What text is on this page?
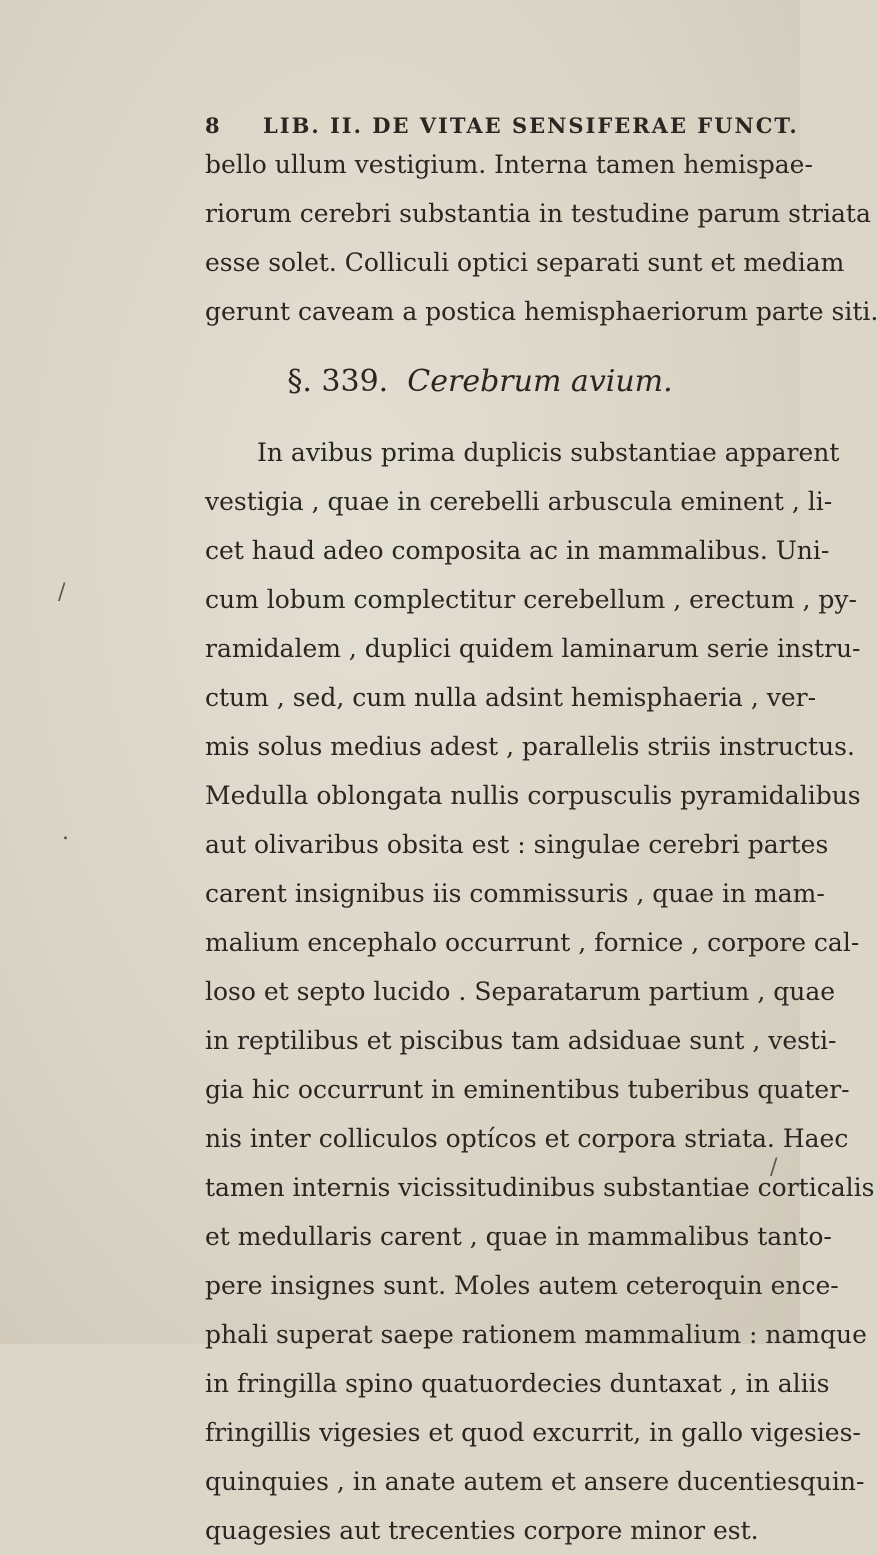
8 LIB. II. DE VITAE SENSIFERAE FUNCT.
bello ullum vestigium. Interna tamen hemispae-
riorum cerebri substantia in testudine parum striata
esse solet. Colliculi optici separati sunt et mediam
gerunt caveam a postica hemisphaeriorum parte siti.
§. 339. Cerebrum avium.
In avibus prima duplicis substantiae apparent
vestigia , quae in cerebelli arbuscula eminent , li-
cet haud adeo composita ac in mammalibus. Uni-
cum lobum complectitur cerebellum , erectum , py-
ramidalem , duplici quidem laminarum serie instru-
ctum , sed, cum nulla adsint hemisphaeria , ver-
mis solus medius adest , parallelis striis instructus.
Medulla oblongata nullis corpusculis pyramidalibus
aut olivaribus obsita est : singulae cerebri partes
carent insignibus iis commissuris , quae in mam-
malium encephalo occurrunt , fornice , corpore cal-
loso et septo lucido . Separatarum partium , quae
in reptilibus et piscibus tam adsiduae sunt , vesti-
gia hic occurrunt in eminentibus tuberibus quater-
nis inter colliculos optícos et corpora striata. Haec
tamen internis vicissitudinibus substantiae corticalis
et medullaris carent , quae in mammalibus tanto-
pere insignes sunt. Moles autem ceteroquin ence-
phali superat saepe rationem mammalium : namque
in fringilla spino quatuordecies duntaxat , in aliis
fringillis vigesies et quod excurrit, in gallo vigesies-
quinquies , in anate autem et ansere ducentiesquin-
quagesies aut trecenties corpore minor est.
/
.
/
